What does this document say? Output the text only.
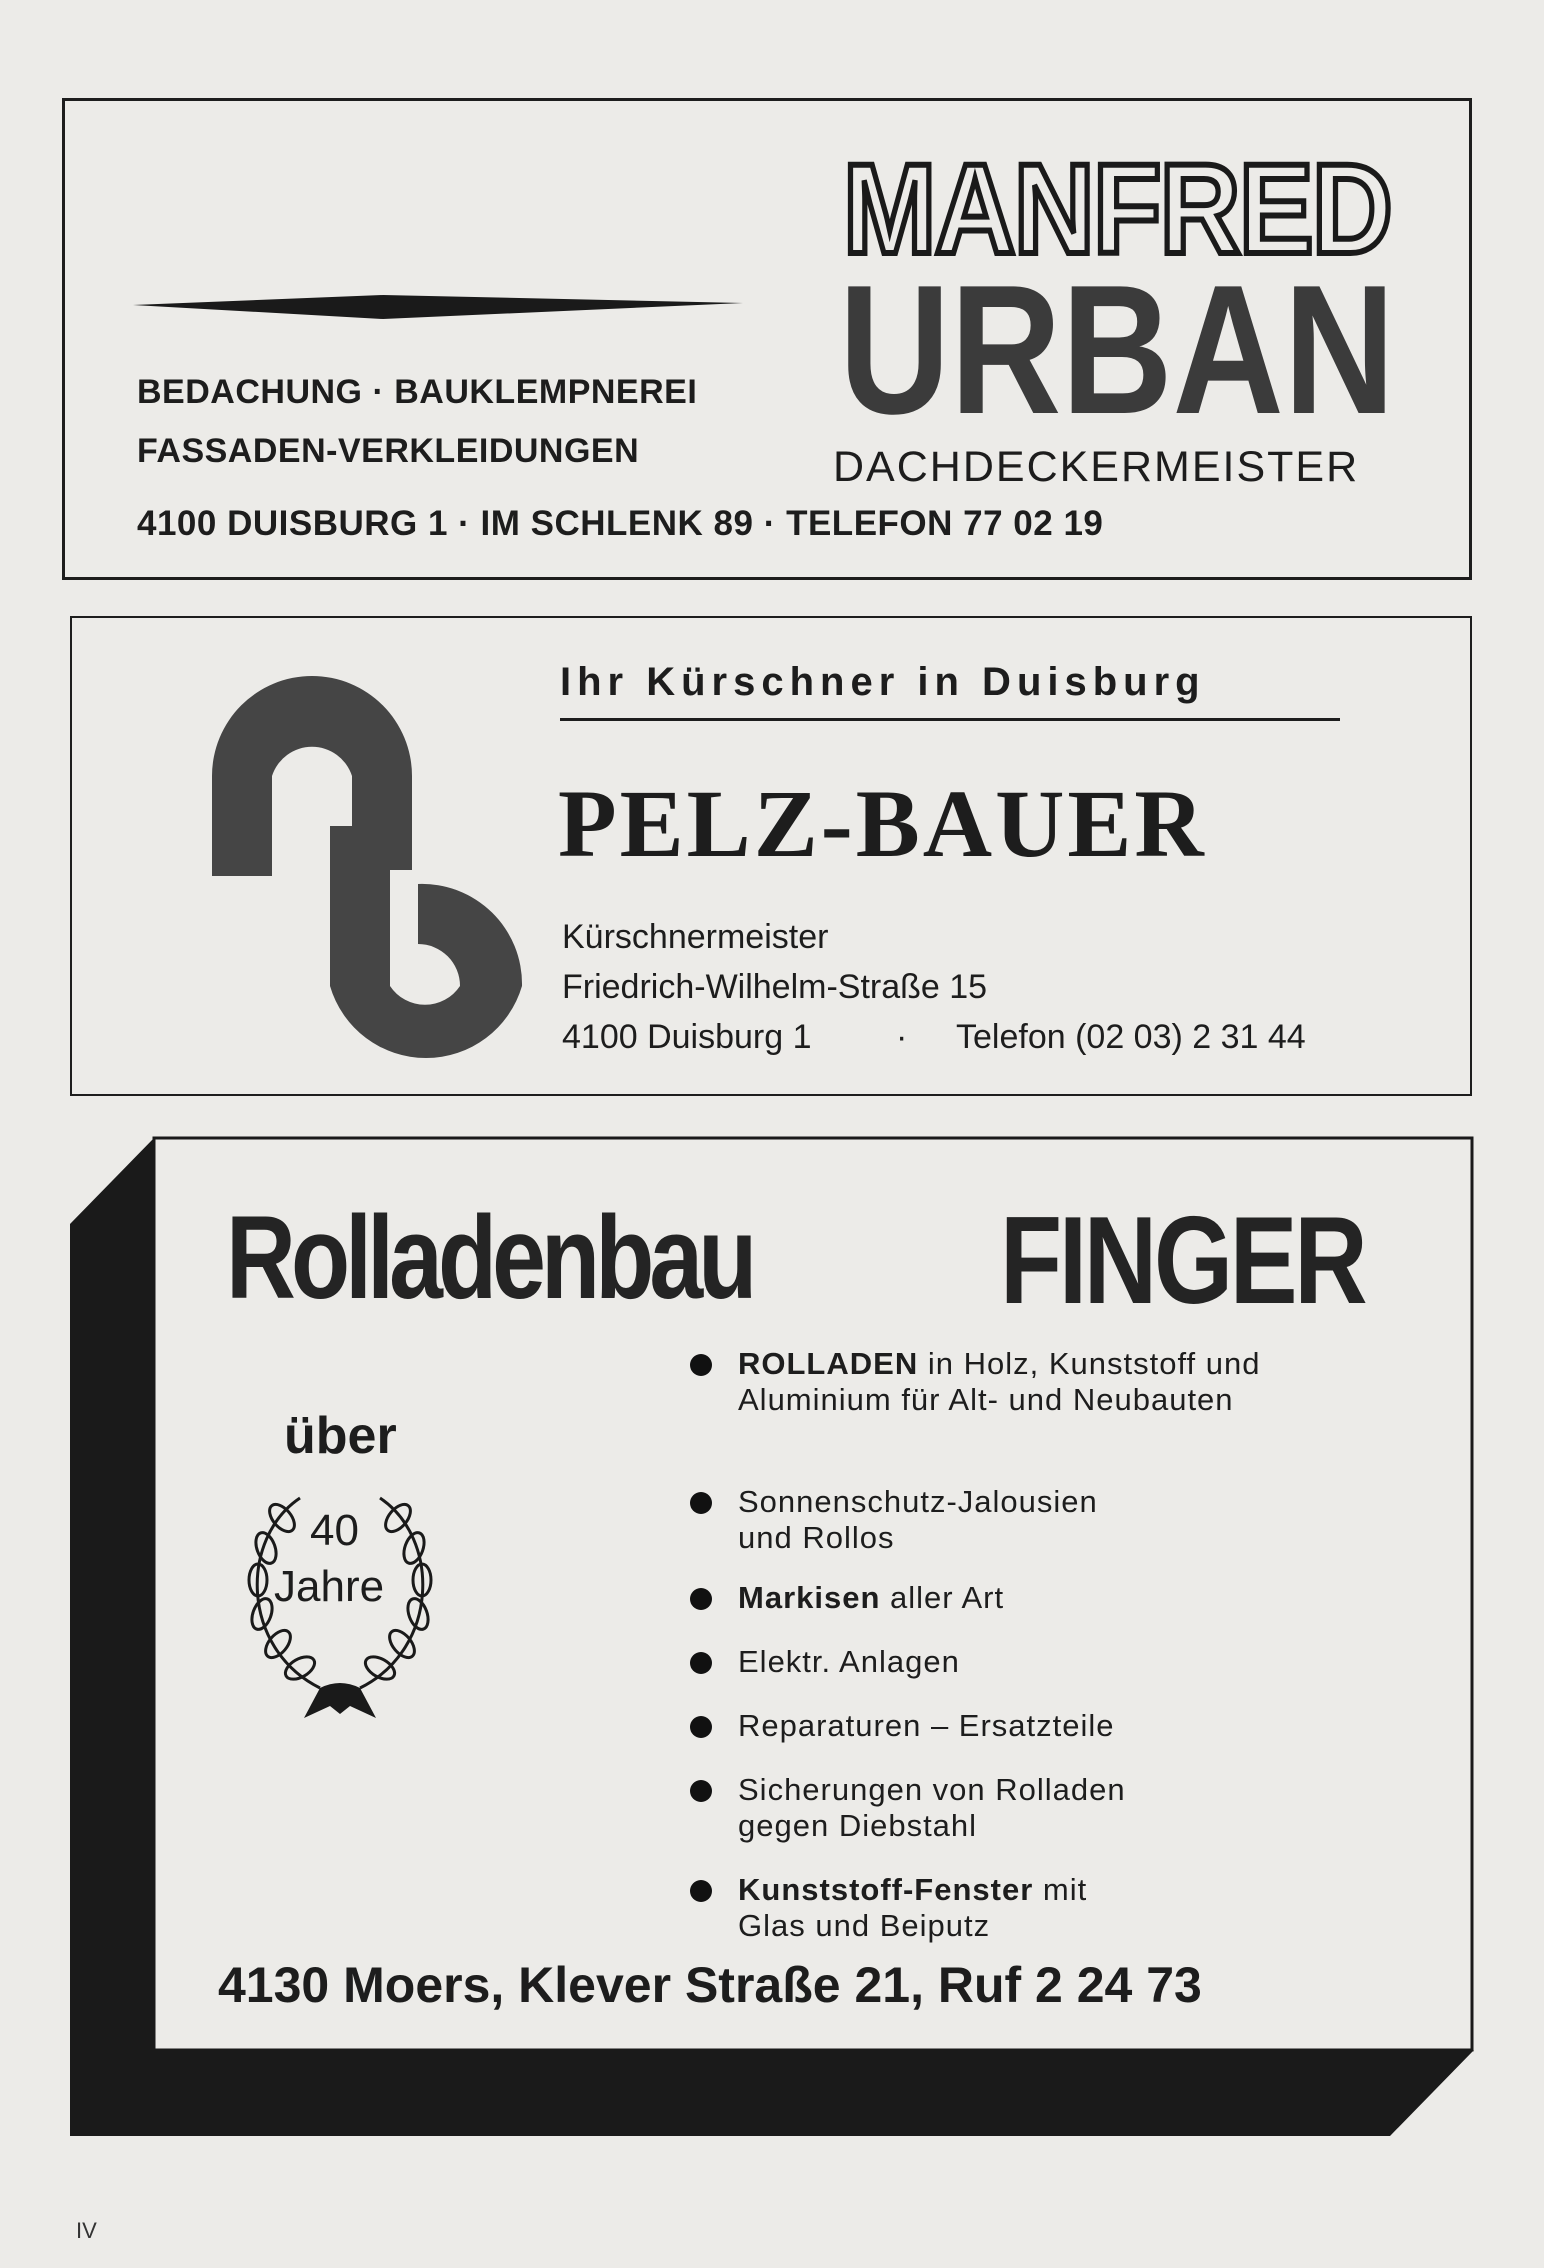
BEDACHUNG · BAUKLEMPNEREI
FASSADEN-VERKLEIDUNGEN
4100 DUISBURG 1 · IM SCHLENK 89 · TELEFON 77 02 19
MANFRED
URBAN
DACHDECKERMEISTER
Ihr Kürschner in Duisburg
PELZ-BAUER
Kürschnermeister
Friedrich-Wilhelm-Straße 15
4100 Duisburg 1 · Telefon (02 03) 2 31 44
Rolladenbau FINGER
über
40
Jahre
ROLLADEN in Holz, Kunststoff und Aluminium für Alt- und Neubauten
Sonnenschutz-Jalousien und Rollos
Markisen aller Art
Elektr. Anlagen
Reparaturen – Ersatzteile
Sicherungen von Rolladen gegen Diebstahl
Kunststoff-Fenster mit Glas und Beiputz
4130 Moers, Klever Straße 21, Ruf 2 24 73
IV
